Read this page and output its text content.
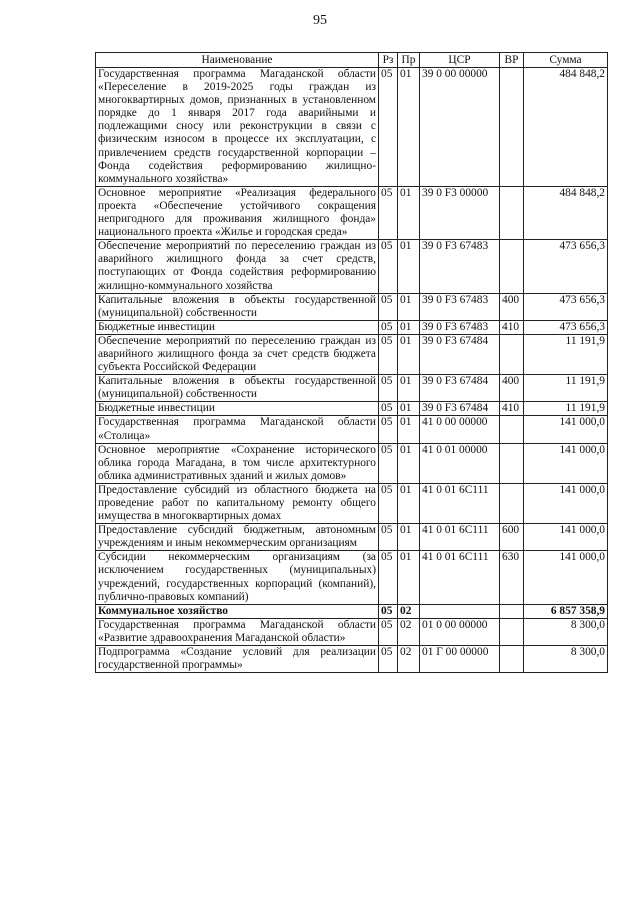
95
Наименование	Рз	Пр	ЦСР	ВР	Сумма
Государственная программа Магаданской области «Переселение в 2019-2025 годы граждан из многоквартирных домов, признанных в установленном порядке до 1 января 2017 года аварийными и подлежащими сносу или реконструкции в связи с физическим износом в процессе их эксплуатации, с привлечением средств государственной корпорации – Фонда содействия реформированию жилищно-коммунального хозяйства»	05	01	39 0 00 00000		484 848,2
Основное мероприятие «Реализация федерального проекта «Обеспечение устойчивого сокращения непригодного для проживания жилищного фонда» национального проекта «Жилье и городская среда»	05	01	39 0 F3 00000		484 848,2
Обеспечение мероприятий по переселению граждан из аварийного жилищного фонда за счет средств, поступающих от Фонда содействия реформированию жилищно-коммунального хозяйства	05	01	39 0 F3 67483		473 656,3
Капитальные вложения в объекты государственной (муниципальной) собственности	05	01	39 0 F3 67483	400	473 656,3
Бюджетные инвестиции	05	01	39 0 F3 67483	410	473 656,3
Обеспечение мероприятий по переселению граждан из аварийного жилищного фонда за счет средств бюджета субъекта Российской Федерации	05	01	39 0 F3 67484		11 191,9
Капитальные вложения в объекты государственной (муниципальной) собственности	05	01	39 0 F3 67484	400	11 191,9
Бюджетные инвестиции	05	01	39 0 F3 67484	410	11 191,9
Государственная программа Магаданской области «Столица»	05	01	41 0 00 00000		141 000,0
Основное мероприятие «Сохранение исторического облика города Магадана, в том числе архитектурного облика административных зданий и жилых домов»	05	01	41 0 01 00000		141 000,0
Предоставление субсидий из областного бюджета на проведение работ по капитальному ремонту общего имущества в многоквартирных домах	05	01	41 0 01 6С111		141 000,0
Предоставление субсидий бюджетным, автономным учреждениям и иным некоммерческим организациям	05	01	41 0 01 6С111	600	141 000,0
Субсидии некоммерческим организациям (за исключением государственных (муниципальных) учреждений, государственных корпораций (компаний), публично-правовых компаний)	05	01	41 0 01 6С111	630	141 000,0
Коммунальное хозяйство	05	02			6 857 358,9
Государственная программа Магаданской области «Развитие здравоохранения Магаданской области»	05	02	01 0 00 00000		8 300,0
Подпрограмма «Создание условий для реализации государственной программы»	05	02	01 Г 00 00000		8 300,0
